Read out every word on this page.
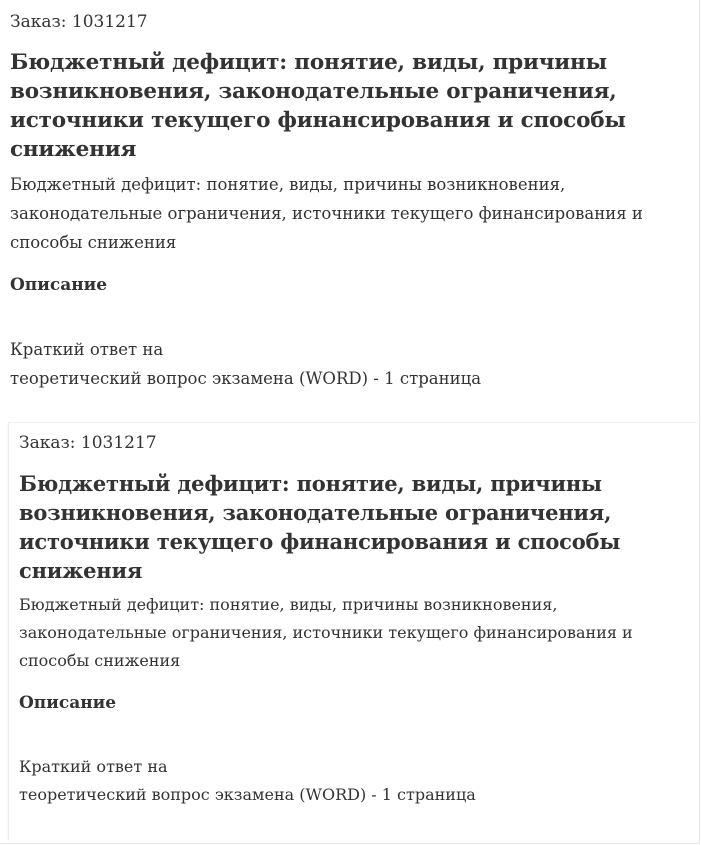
Заказ: 1031217

Бюджетный дефицит: понятие, виды, причины возникновения, законодательные ограничения, источники текущего финансирования и способы снижения

Бюджетный дефицит: понятие, виды, причины возникновения, законодательные ограничения, источники текущего финансирования и способы снижения

Описание

Краткий ответ на
теоретический вопрос экзамена (WORD) - 1 страница

Заказ: 1031217

Бюджетный дефицит: понятие, виды, причины возникновения, законодательные ограничения, источники текущего финансирования и способы снижения

Бюджетный дефицит: понятие, виды, причины возникновения, законодательные ограничения, источники текущего финансирования и способы снижения

Описание

Краткий ответ на
теоретический вопрос экзамена (WORD) - 1 страница
